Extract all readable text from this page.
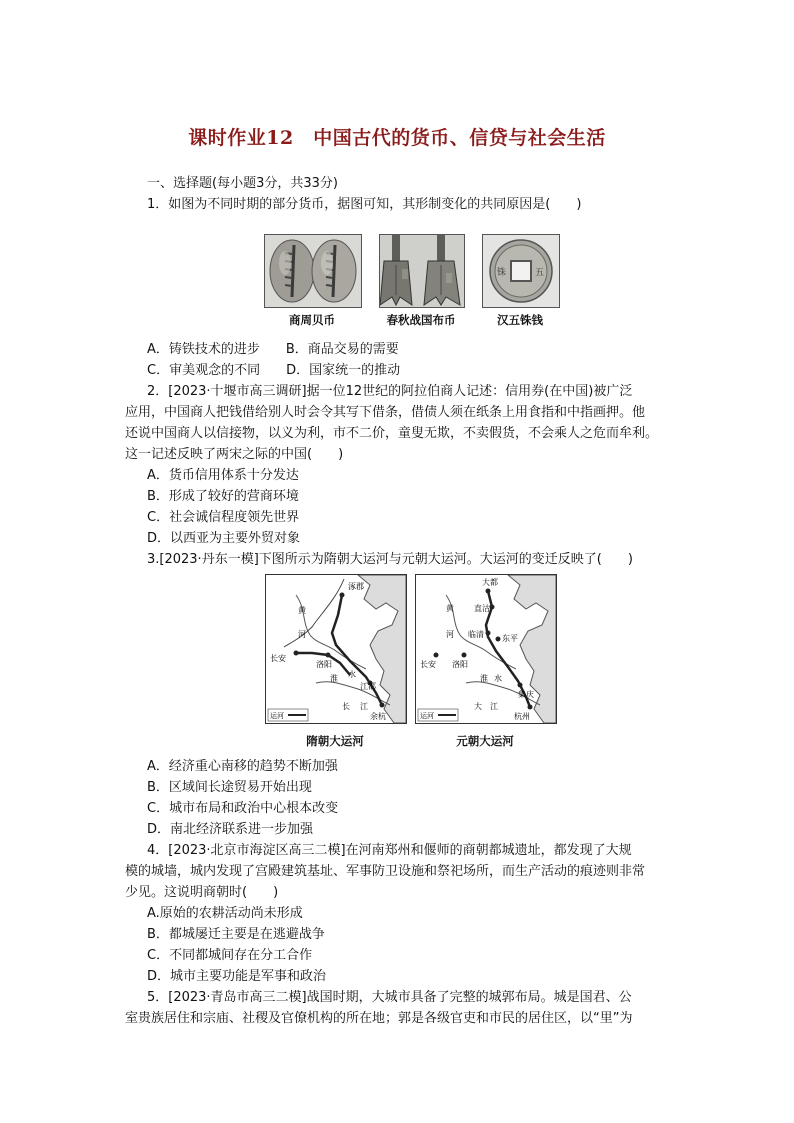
课时作业12　中国古代的货币、信贷与社会生活
一、选择题(每小题3分，共33分)
1．如图为不同时期的部分货币，据图可知，其形制变化的共同原因是(　　)
商周贝币	春秋战国布币
铢	五
汉五铢钱
A．铸铁技术的进步　　B．商品交易的需要
C．审美观念的不同　　D．国家统一的推动
2．[2023·十堰市高三调研]据一位12世纪的阿拉伯商人记述：信用券(在中国)被广泛
应用，中国商人把钱借给别人时会令其写下借条，借债人须在纸条上用食指和中指画押。他
还说中国商人以信接物，以义为利，市不二价，童叟无欺，不卖假货，不会乘人之危而牟利。
这一记述反映了两宋之际的中国(　　)
A．货币信用体系十分发达
B．形成了较好的营商环境
C．社会诚信程度领先世界
D．以西亚为主要外贸对象
3.[2023·丹东一模]下图所示为隋朝大运河与元朝大运河。大运河的变迁反映了(　　)
涿郡
黄
河
长安
洛阳
淮 水
江都
长 江
余杭
运河
隋朝大运河
大都
直沽
黄
河 临清 东平
长安 洛阳
淮 水
集庆
大 江
杭州
运河
元朝大运河
A．经济重心南移的趋势不断加强
B．区域间长途贸易开始出现
C．城市布局和政治中心根本改变
D．南北经济联系进一步加强
4．[2023·北京市海淀区高三二模]在河南郑州和偃师的商朝都城遗址，都发现了大规
模的城墙，城内发现了宫殿建筑基址、军事防卫设施和祭祀场所，而生产活动的痕迹则非常
少见。这说明商朝时(　　)
A.原始的农耕活动尚未形成
B．都城屡迁主要是在逃避战争
C．不同都城间存在分工合作
D．城市主要功能是军事和政治
5．[2023·青岛市高三二模]战国时期，大城市具备了完整的城郭布局。城是国君、公
室贵族居住和宗庙、社稷及官僚机构的所在地；郭是各级官吏和市民的居住区，以“里”为
